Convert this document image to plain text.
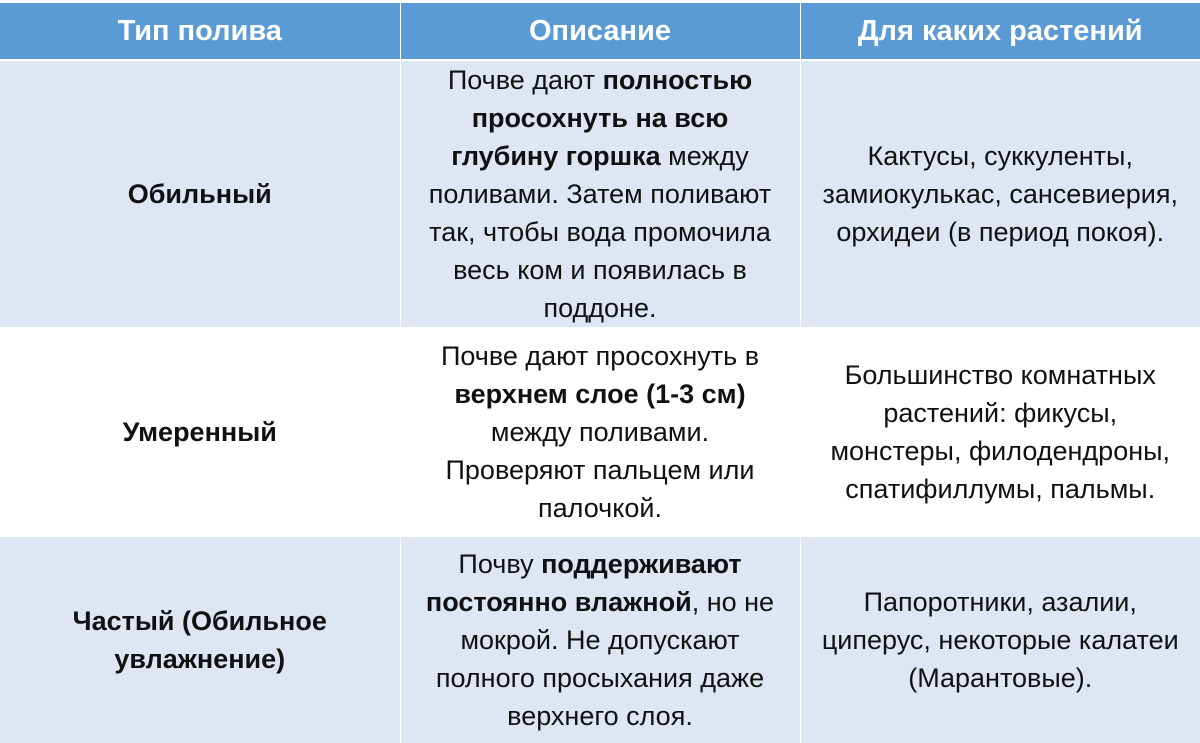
Тип полива	Описание	Для каких растений
Обильный	Почве дают полностью просохнуть на всю глубину горшка между поливами. Затем поливают так, чтобы вода промочила весь ком и появилась в поддоне.	Кактусы, суккуленты, замиокулькас, сансевиерия, орхидеи (в период покоя).
Умеренный	Почве дают просохнуть в верхнем слое (1-3 см) между поливами. Проверяют пальцем или палочкой.	Большинство комнатных растений: фикусы, монстеры, филодендроны, спатифиллумы, пальмы.
Частый (Обильное увлажнение)	Почву поддерживают постоянно влажной, но не мокрой. Не допускают полного просыхания даже верхнего слоя.	Папоротники, азалии, циперус, некоторые калатеи (Марантовые).
